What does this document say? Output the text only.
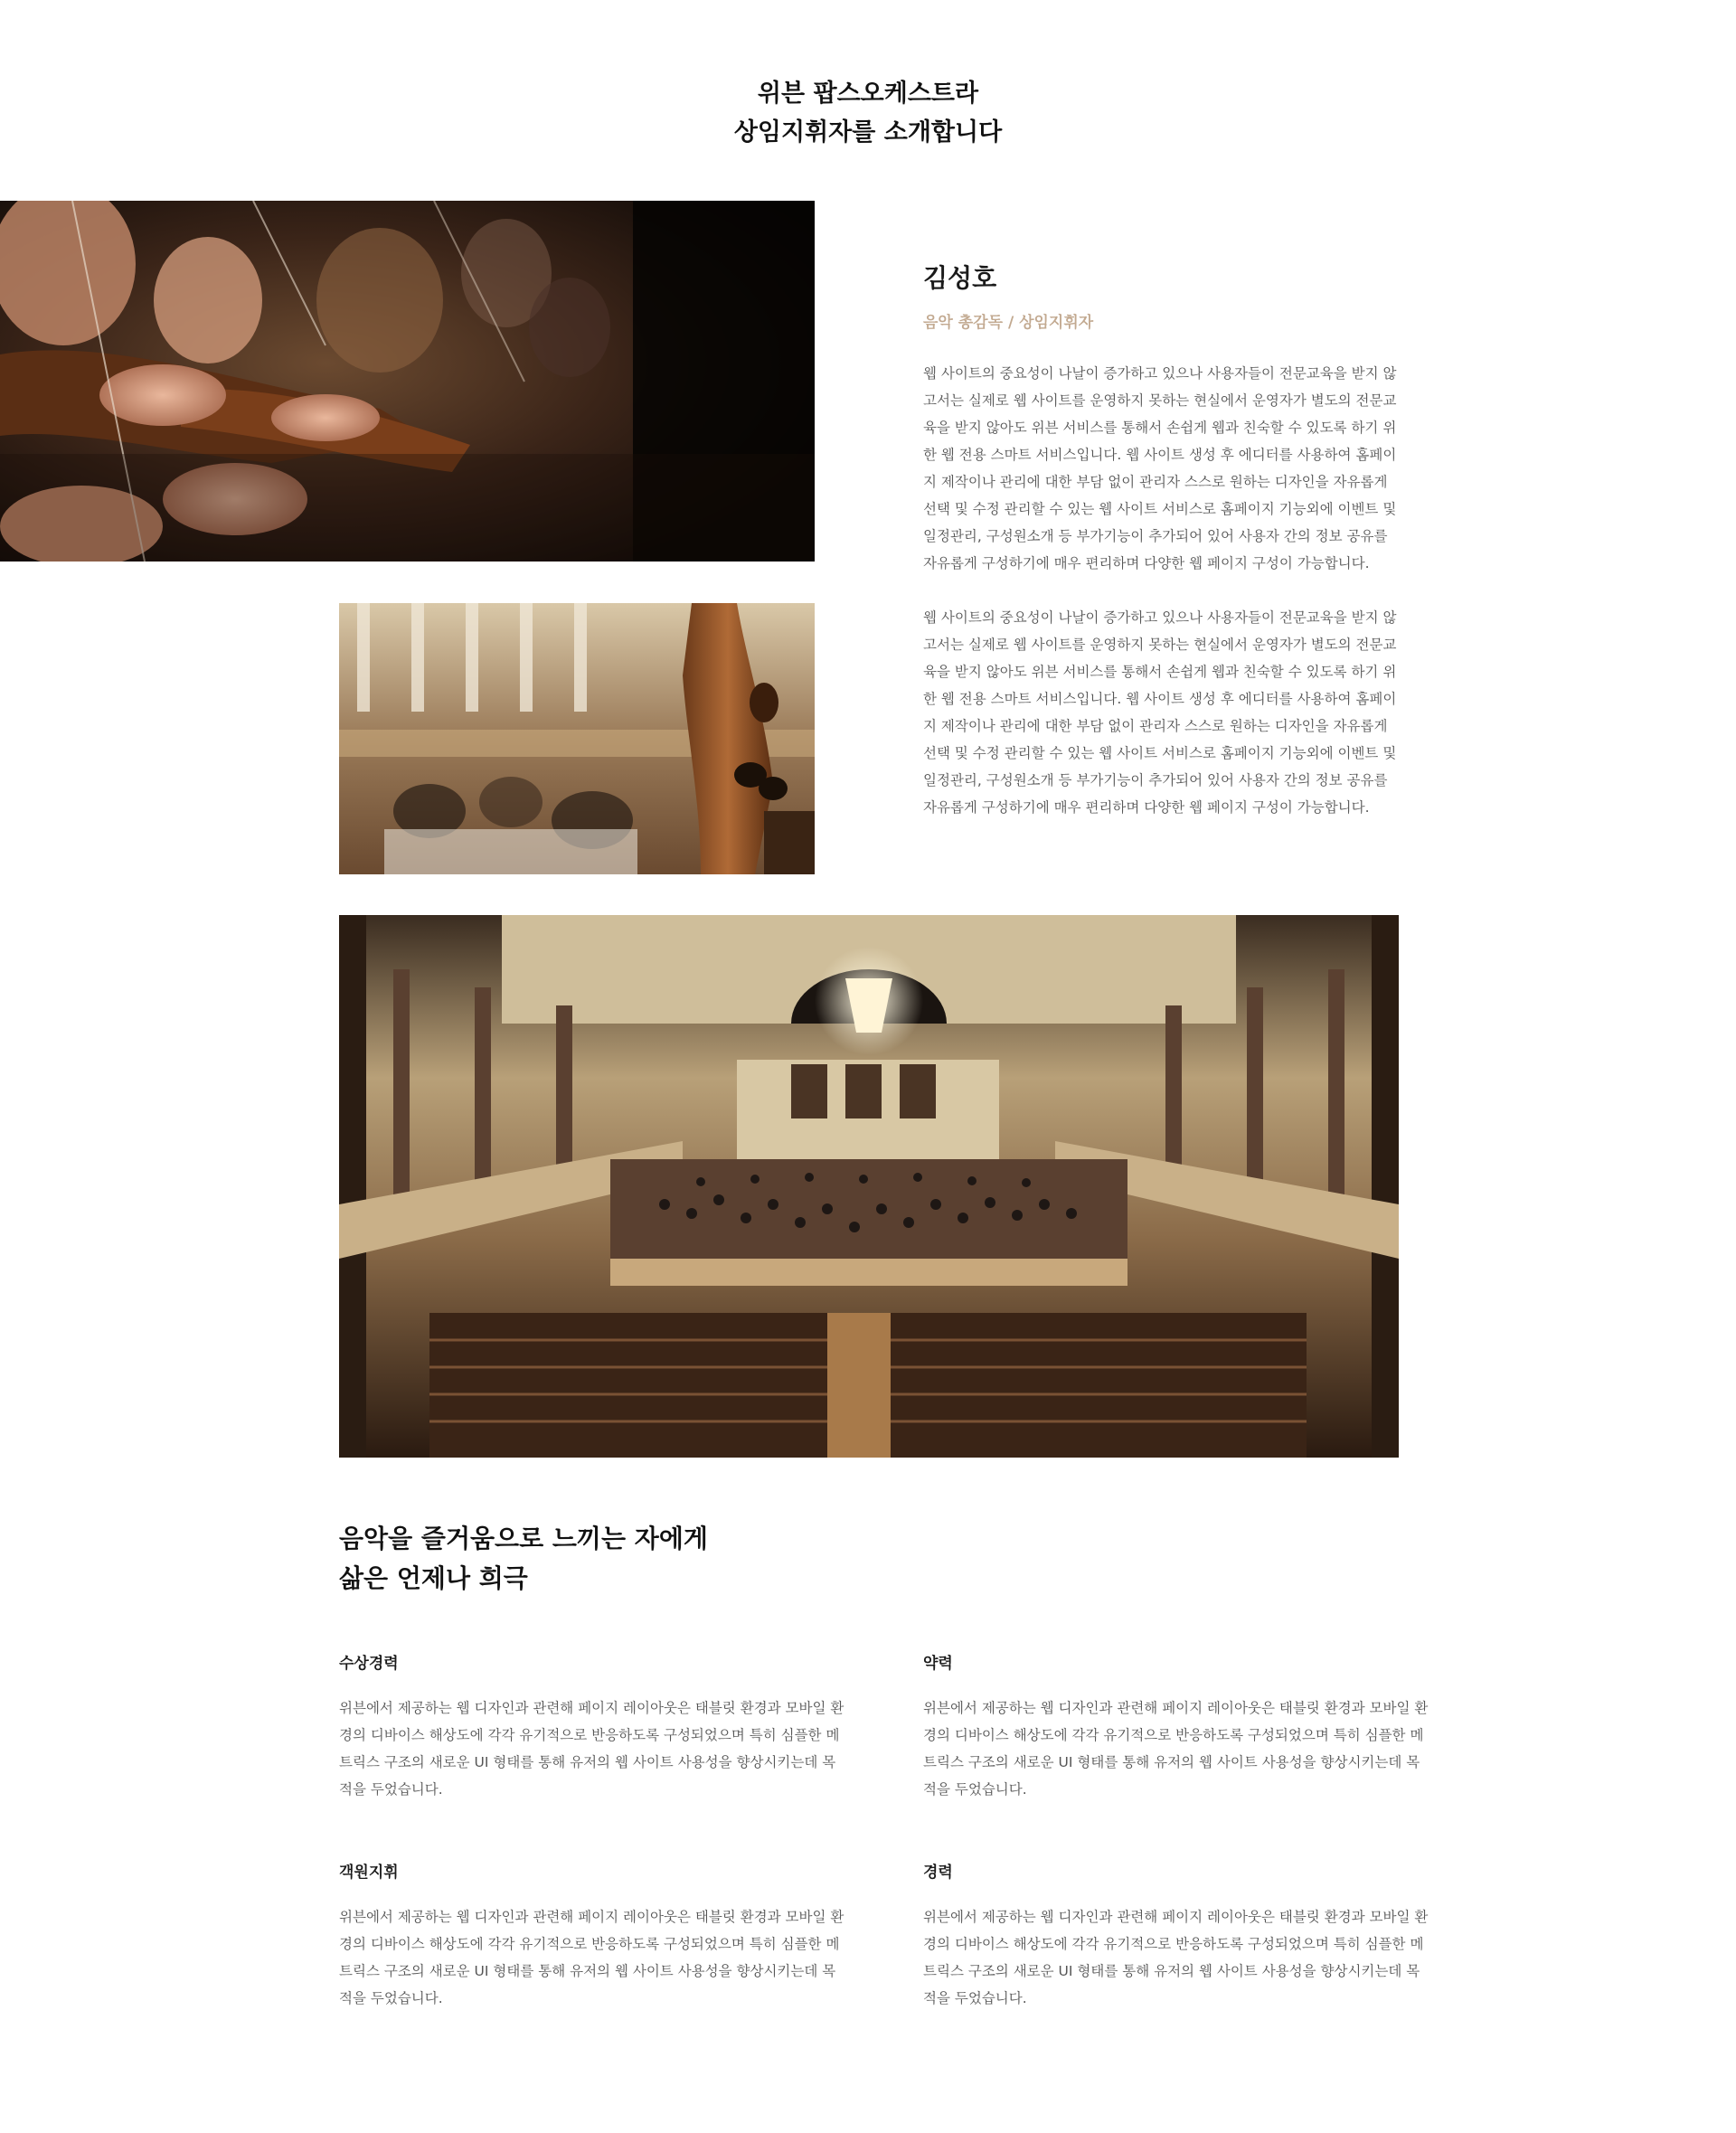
위븐 팝스오케스트라
상임지휘자를 소개합니다
김성호

음악 총감독 / 상임지휘자

웹 사이트의 중요성이 나날이 증가하고 있으나 사용자들이 전문교육을 받지 않고서는 실제로 웹 사이트를 운영하지 못하는 현실에서 운영자가 별도의 전문교육을 받지 않아도 위븐 서비스를 통해서 손쉽게 웹과 친숙할 수 있도록 하기 위한 웹 전용 스마트 서비스입니다. 웹 사이트 생성 후 에디터를 사용하여 홈페이지 제작이나 관리에 대한 부담 없이 관리자 스스로 원하는 디자인을 자유롭게 선택 및 수정 관리할 수 있는 웹 사이트 서비스로 홈페이지 기능외에 이벤트 및 일정관리, 구성원소개 등 부가기능이 추가되어 있어 사용자 간의 정보 공유를 자유롭게 구성하기에 매우 편리하며 다양한 웹 페이지 구성이 가능합니다.

웹 사이트의 중요성이 나날이 증가하고 있으나 사용자들이 전문교육을 받지 않고서는 실제로 웹 사이트를 운영하지 못하는 현실에서 운영자가 별도의 전문교육을 받지 않아도 위븐 서비스를 통해서 손쉽게 웹과 친숙할 수 있도록 하기 위한 웹 전용 스마트 서비스입니다. 웹 사이트 생성 후 에디터를 사용하여 홈페이지 제작이나 관리에 대한 부담 없이 관리자 스스로 원하는 디자인을 자유롭게 선택 및 수정 관리할 수 있는 웹 사이트 서비스로 홈페이지 기능외에 이벤트 및 일정관리, 구성원소개 등 부가기능이 추가되어 있어 사용자 간의 정보 공유를 자유롭게 구성하기에 매우 편리하며 다양한 웹 페이지 구성이 가능합니다.

음악을 즐거움으로 느끼는 자에게
삶은 언제나 희극
수상경력

위븐에서 제공하는 웹 디자인과 관련해 페이지 레이아웃은 태블릿 환경과 모바일 환경의 디바이스 해상도에 각각 유기적으로 반응하도록 구성되었으며 특히 심플한 메트릭스 구조의 새로운 UI 형태를 통해 유저의 웹 사이트 사용성을 향상시키는데 목적을 두었습니다.

약력

위븐에서 제공하는 웹 디자인과 관련해 페이지 레이아웃은 태블릿 환경과 모바일 환경의 디바이스 해상도에 각각 유기적으로 반응하도록 구성되었으며 특히 심플한 메트릭스 구조의 새로운 UI 형태를 통해 유저의 웹 사이트 사용성을 향상시키는데 목적을 두었습니다.

객원지휘

위븐에서 제공하는 웹 디자인과 관련해 페이지 레이아웃은 태블릿 환경과 모바일 환경의 디바이스 해상도에 각각 유기적으로 반응하도록 구성되었으며 특히 심플한 메트릭스 구조의 새로운 UI 형태를 통해 유저의 웹 사이트 사용성을 향상시키는데 목적을 두었습니다.

경력

위븐에서 제공하는 웹 디자인과 관련해 페이지 레이아웃은 태블릿 환경과 모바일 환경의 디바이스 해상도에 각각 유기적으로 반응하도록 구성되었으며 특히 심플한 메트릭스 구조의 새로운 UI 형태를 통해 유저의 웹 사이트 사용성을 향상시키는데 목적을 두었습니다.
